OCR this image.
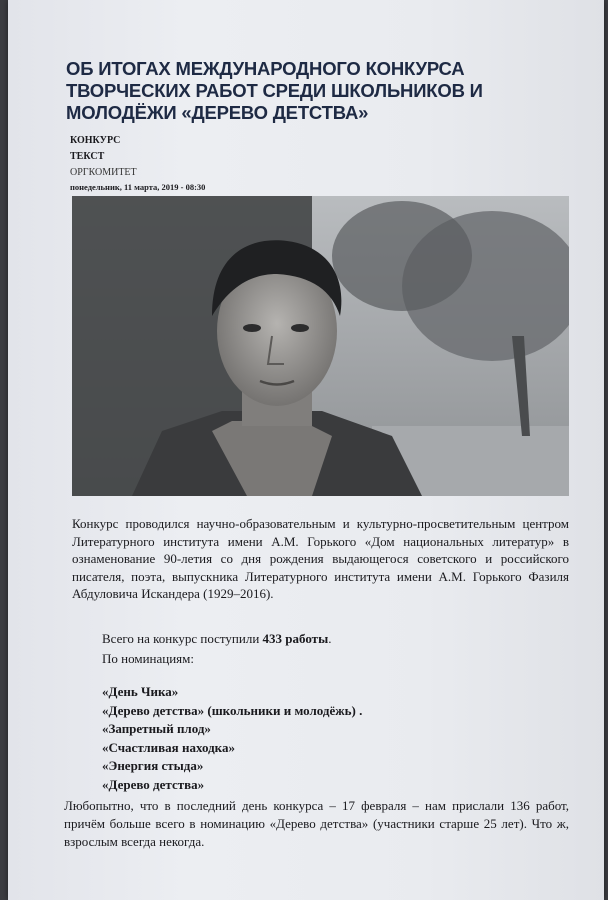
ОБ ИТОГАХ МЕЖДУНАРОДНОГО КОНКУРСА ТВОРЧЕСКИХ РАБОТ СРЕДИ ШКОЛЬНИКОВ И МОЛОДЁЖИ «ДЕРЕВО ДЕТСТВА»
КОНКУРС
ТЕКСТ
ОРГКОМИТЕТ
понедельник, 11 марта, 2019 - 08:30

Конкурс проводился научно-образовательным и культурно-просветительным центром Литературного института имени А.М. Горького «Дом национальных литератур» в ознаменование 90-летия со дня рождения выдающегося советского и российского писателя, поэта, выпускника Литературного института имени А.М. Горького Фазиля Абдуловича Искандера (1929–2016).

Всего на конкурс поступили 433 работы.
По номинациям:
«День Чика»
«Дерево детства» (школьники и молодёжь) .
«Запретный плод»
«Счастливая находка»
«Энергия стыда»
«Дерево детства»

Любопытно, что в последний день конкурса – 17 февраля – нам прислали 136 работ, причём больше всего в номинацию «Дерево детства» (участники старше 25 лет). Что ж, взрослым всегда некогда.
